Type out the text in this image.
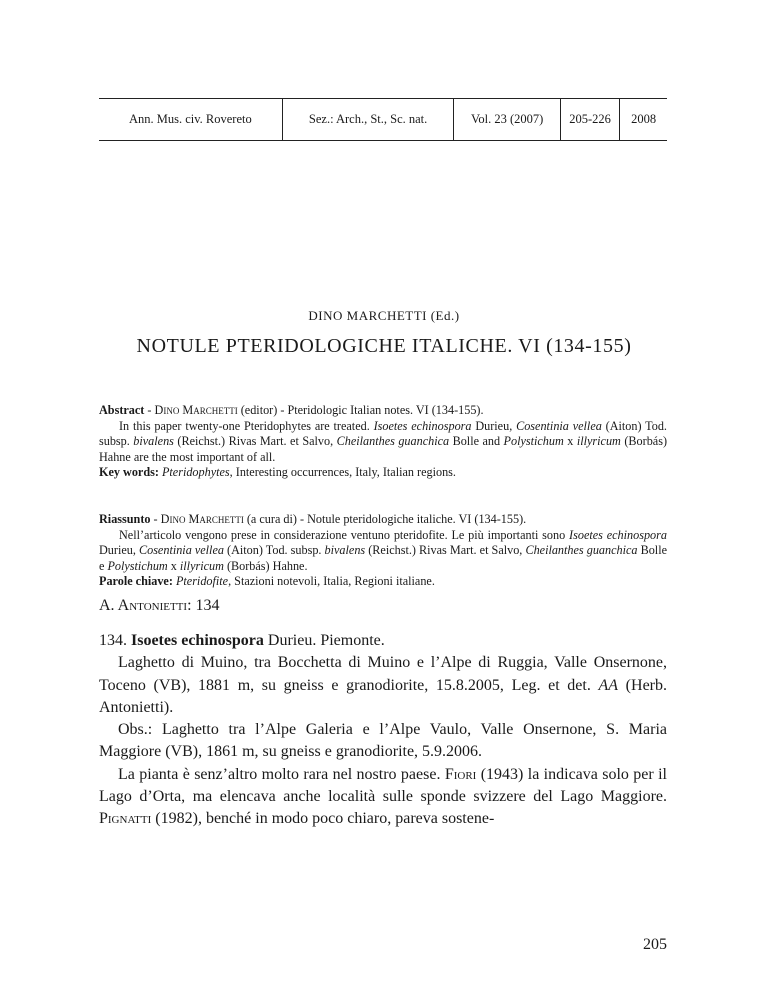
Ann. Mus. civ. Rovereto	Sez.: Arch., St., Sc. nat.	Vol. 23 (2007)	205-226	2008
DINO MARCHETTI (Ed.)
NOTULE PTERIDOLOGICHE ITALICHE. VI (134-155)

Abstract - Dino Marchetti (editor) - Pteridologic Italian notes. VI (134-155).

In this paper twenty-one Pteridophytes are treated. Isoetes echinospora Durieu, Cosentinia vellea (Aiton) Tod. subsp. bivalens (Reichst.) Rivas Mart. et Salvo, Cheilanthes guanchica Bolle and Polystichum x illyricum (Borbás) Hahne are the most important of all.

Key words: Pteridophytes, Interesting occurrences, Italy, Italian regions.

Riassunto - Dino Marchetti (a cura di) - Notule pteridologiche italiche. VI (134-155).

Nell’articolo vengono prese in considerazione ventuno pteridofite. Le più importanti sono Isoetes echinospora Durieu, Cosentinia vellea (Aiton) Tod. subsp. bivalens (Reichst.) Rivas Mart. et Salvo, Cheilanthes guanchica Bolle e Polystichum x illyricum (Borbás) Hahne.

Parole chiave: Pteridofite, Stazioni notevoli, Italia, Regioni italiane.

A. Antonietti: 134

134. Isoetes echinospora Durieu. Piemonte.

Laghetto di Muino, tra Bocchetta di Muino e l’Alpe di Ruggia, Valle Onsernone, Toceno (VB), 1881 m, su gneiss e granodiorite, 15.8.2005, Leg. et det. AA (Herb. Antonietti).

Obs.: Laghetto tra l’Alpe Galeria e l’Alpe Vaulo, Valle Onsernone, S. Maria Maggiore (VB), 1861 m, su gneiss e granodiorite, 5.9.2006.

La pianta è senz’altro molto rara nel nostro paese. Fiori (1943) la indicava solo per il Lago d’Orta, ma elencava anche località sulle sponde svizzere del Lago Maggiore. Pignatti (1982), benché in modo poco chiaro, pareva sostene-

205
